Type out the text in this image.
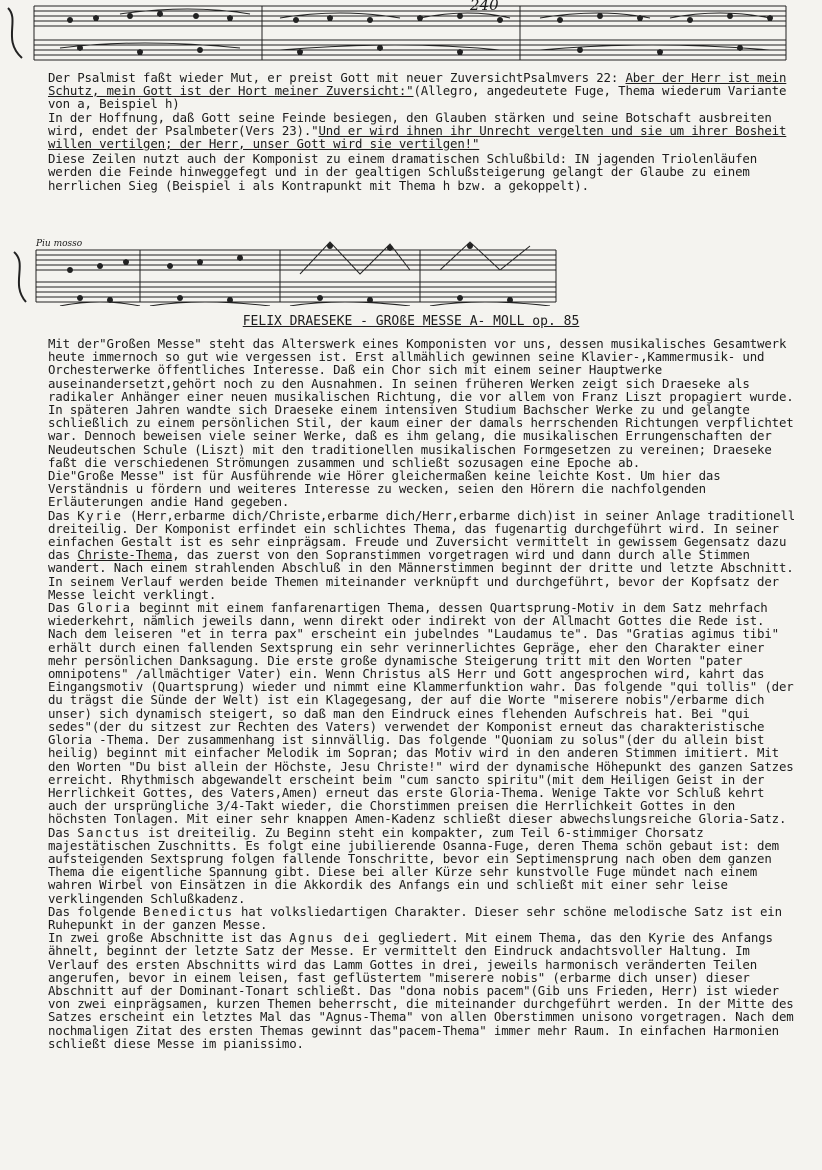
240

Der Psalmist faßt wieder Mut, er preist Gott mit neuer ZuversichtPsalmvers 22: Aber der Herr ist mein Schutz, mein Gott ist der Hort meiner Zuversicht:"(Allegro, angedeutete Fuge, Thema wiederum Variante von a, Beispiel h)

In der Hoffnung, daß Gott seine Feinde besiegen, den Glauben stärken und seine Botschaft ausbreiten wird, endet der Psalmbeter(Vers 23)."Und er wird ihnen ihr Unrecht vergelten und sie um ihrer Bosheit willen vertilgen; der Herr, unser Gott wird sie vertilgen!"

Diese Zeilen nutzt auch der Komponist zu einem dramatischen Schlußbild: IN jagenden Triolenläufen werden die Feinde hinweggefegt und in der gealtigen Schlußsteigerung gelangt der Glaube zu einem herrlichen Sieg (Beispiel i als Kontrapunkt mit Thema h bzw. a gekoppelt).

Piu mosso
FELIX DRAESEKE - GROßE MESSE A- MOLL op. 85

Mit der"Großen Messe" steht das Alterswerk eines Komponisten vor uns, dessen musikalisches Gesamtwerk heute immernoch so gut wie vergessen ist. Erst allmählich gewinnen seine Klavier-,Kammermusik- und Orchesterwerke öffentliches Interesse. Daß ein Chor sich mit einem seiner Hauptwerke auseinandersetzt,gehört noch zu den Ausnahmen. In seinen früheren Werken zeigt sich Draeseke als radikaler Anhänger einer neuen musikalischen Richtung, die vor allem von Franz Liszt propagiert wurde. In späteren Jahren wandte sich Draeseke einem intensiven Studium Bachscher Werke zu und gelangte schließlich zu einem persönlichen Stil, der kaum einer der damals herrschenden Richtungen verpflichtet war. Dennoch beweisen viele seiner Werke, daß es ihm gelang, die musikalischen Errungenschaften der Neudeutschen Schule (Liszt) mit den traditionellen musikalischen Formgesetzen zu vereinen; Draeseke faßt die verschiedenen Strömungen zusammen und schließt sozusagen eine Epoche ab.

Die"Große Messe" ist für Ausführende wie Hörer gleichermaßen keine leichte Kost. Um hier das Verständnis u fördern und weiteres Interesse zu wecken, seien den Hörern die nachfolgenden Erläuterungen andie Hand gegeben.

Das Kyrie (Herr,erbarme dich/Christe,erbarme dich/Herr,erbarme dich)ist in seiner Anlage traditionell dreiteilig. Der Komponist erfindet ein schlichtes Thema, das fugenartig durchgeführt wird. In seiner einfachen Gestalt ist es sehr einprägsam. Freude und Zuversicht vermittelt in gewissem Gegensatz dazu das Christe-Thema, das zuerst von den Sopranstimmen vorgetragen wird und dann durch alle Stimmen wandert. Nach einem strahlenden Abschluß in den Männerstimmen beginnt der dritte und letzte Abschnitt. In seinem Verlauf werden beide Themen miteinander verknüpft und durchgeführt, bevor der Kopfsatz der Messe leicht verklingt.

Das Gloria beginnt mit einem fanfarenartigen Thema, dessen Quartsprung-Motiv in dem Satz mehrfach wiederkehrt, nämlich jeweils dann, wenn direkt oder indirekt von der Allmacht Gottes die Rede ist. Nach dem leiseren "et in terra pax" erscheint ein jubelndes "Laudamus te". Das "Gratias agimus tibi" erhält durch einen fallenden Sextsprung ein sehr verinnerlichtes Gepräge, eher den Charakter einer mehr persönlichen Danksagung. Die erste große dynamische Steigerung tritt mit den Worten "pater omnipotens" /allmächtiger Vater) ein. Wenn Christus alS Herr und Gott angesprochen wird, kahrt das Eingangsmotiv (Quartsprung) wieder und nimmt eine Klammerfunktion wahr. Das folgende "qui tollis" (der du trägst die Sünde der Welt) ist ein Klagegesang, der auf die Worte "miserere nobis"/erbarme dich unser) sich dynamisch steigert, so daß man den Eindruck eines flehenden Aufschreis hat. Bei "qui sedes"(der du sitzest zur Rechten des Vaters) verwendet der Komponist erneut das charakteristische Gloria -Thema. Der zusammenhang ist sinnvällig. Das folgende "Quoniam zu solus"(der du allein bist heilig) beginnt mit einfacher Melodik im Sopran; das Motiv wird in den anderen Stimmen imitiert. Mit den Worten "Du bist allein der Höchste, Jesu Christe!" wird der dynamische Höhepunkt des ganzen Satzes erreicht. Rhythmisch abgewandelt erscheint beim "cum sancto spiritu"(mit dem Heiligen Geist in der Herrlichkeit Gottes, des Vaters,Amen) erneut das erste Gloria-Thema. Wenige Takte vor Schluß kehrt auch der ursprüngliche 3/4-Takt wieder, die Chorstimmen preisen die Herrlichkeit Gottes in den höchsten Tonlagen. Mit einer sehr knappen Amen-Kadenz schließt dieser abwechslungsreiche Gloria-Satz.

Das Sanctus ist dreiteilig. Zu Beginn steht ein kompakter, zum Teil 6-stimmiger Chorsatz majestätischen Zuschnitts. Es folgt eine jubilierende Osanna-Fuge, deren Thema schön gebaut ist: dem aufsteigenden Sextsprung folgen fallende Tonschritte, bevor ein Septimensprung nach oben dem ganzen Thema die eigentliche Spannung gibt. Diese bei aller Kürze sehr kunstvolle Fuge mündet nach einem wahren Wirbel von Einsätzen in die Akkordik des Anfangs ein und schließt mit einer sehr leise verklingenden Schlußkadenz.

Das folgende Benedictus hat volksliedartigen Charakter. Dieser sehr schöne melodische Satz ist ein Ruhepunkt in der ganzen Messe.

In zwei große Abschnitte ist das Agnus dei gegliedert. Mit einem Thema, das den Kyrie des Anfangs ähnelt, beginnt der letzte Satz der Messe. Er vermittelt den Eindruck andachtsvoller Haltung. Im Verlauf des ersten Abschnitts wird das Lamm Gottes in drei, jeweils harmonisch veränderten Teilen angerufen, bevor in einem leisen, fast geflüstertem "miserere nobis" (erbarme dich unser) dieser Abschnitt auf der Dominant-Tonart schließt. Das "dona nobis pacem"(Gib uns Frieden, Herr) ist wieder von zwei einprägsamen, kurzen Themen beherrscht, die miteinander durchgeführt werden. In der Mitte des Satzes erscheint ein letztes Mal das "Agnus-Thema" von allen Oberstimmen unisono vorgetragen. Nach dem nochmaligen Zitat des ersten Themas gewinnt das"pacem-Thema" immer mehr Raum. In einfachen Harmonien schließt diese Messe im pianissimo.
